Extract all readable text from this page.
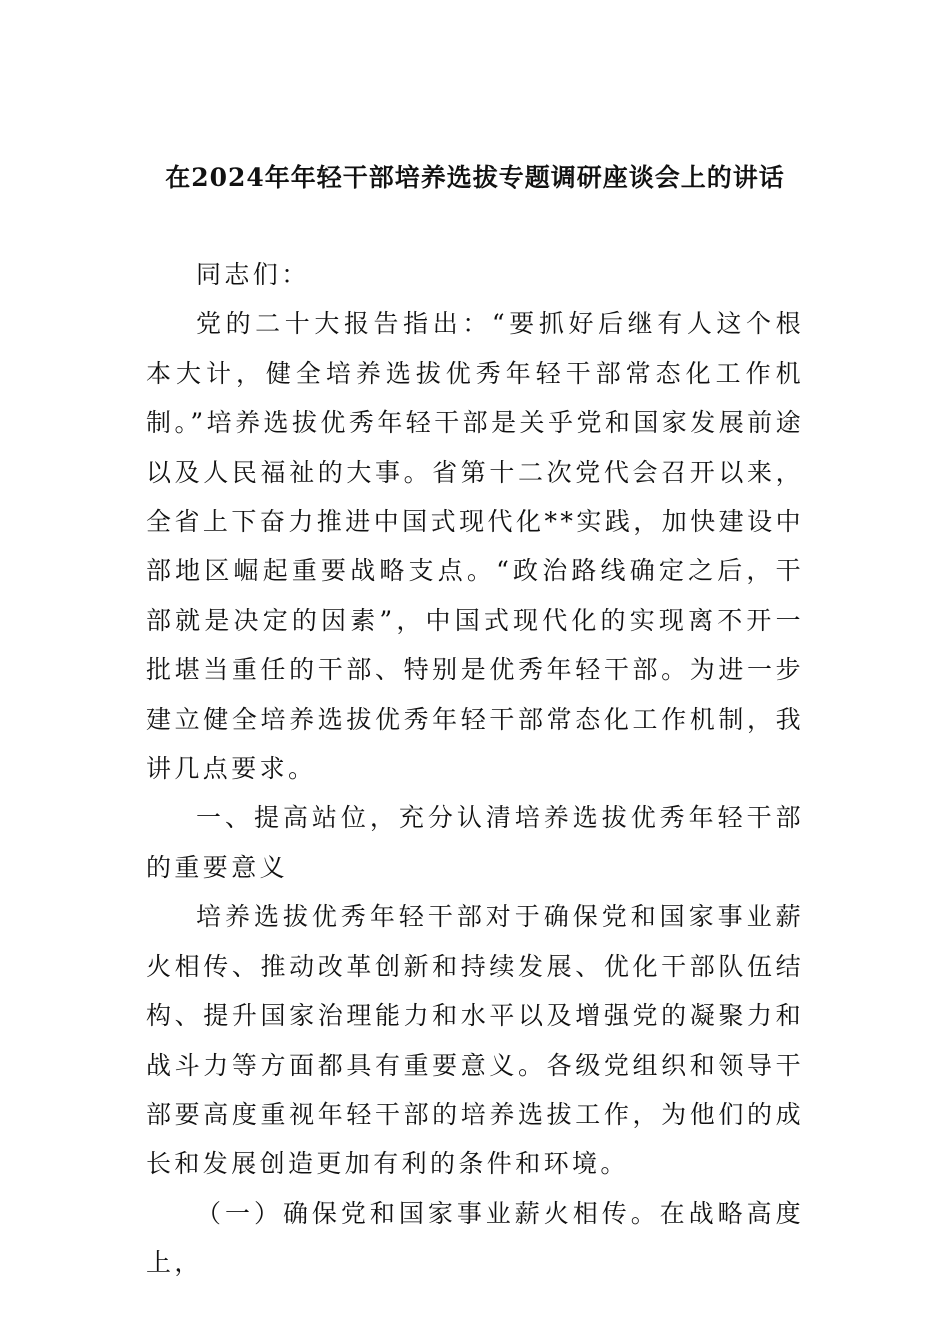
在2024年年轻干部培养选拔专题调研座谈会上的讲话

同志们：

党的二十大报告指出：“要抓好后继有人这个根本大计，健全培养选拔优秀年轻干部常态化工作机制。”培养选拔优秀年轻干部是关乎党和国家发展前途以及人民福祉的大事。省第十二次党代会召开以来，全省上下奋力推进中国式现代化**实践，加快建设中部地区崛起重要战略支点。“政治路线确定之后，干部就是决定的因素”，中国式现代化的实现离不开一批堪当重任的干部、特别是优秀年轻干部。为进一步建立健全培养选拔优秀年轻干部常态化工作机制，我讲几点要求。

一、提高站位，充分认清培养选拔优秀年轻干部的重要意义

培养选拔优秀年轻干部对于确保党和国家事业薪火相传、推动改革创新和持续发展、优化干部队伍结构、提升国家治理能力和水平以及增强党的凝聚力和战斗力等方面都具有重要意义。各级党组织和领导干部要高度重视年轻干部的培养选拔工作，为他们的成长和发展创造更加有利的条件和环境。

（一）确保党和国家事业薪火相传。在战略高度上，
